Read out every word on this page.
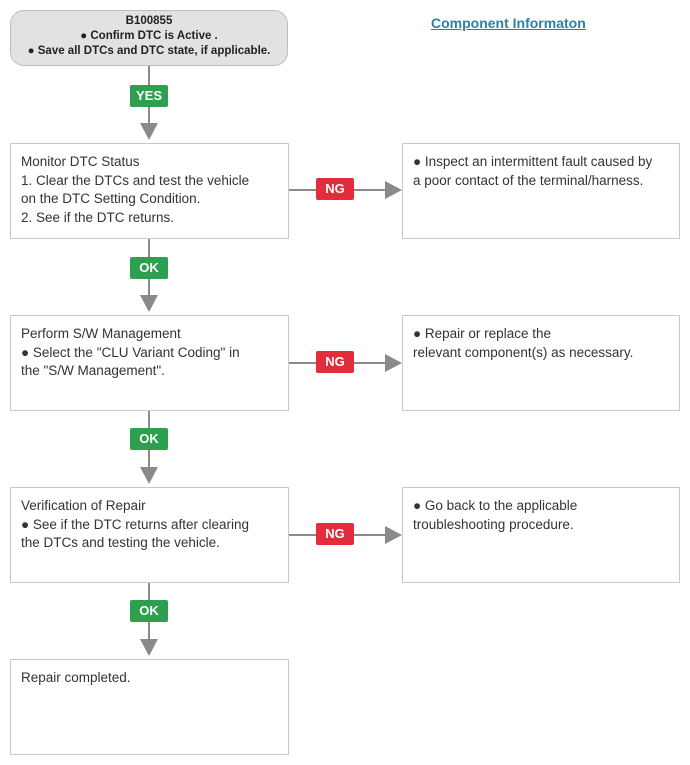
B100855
● Confirm DTC is Active .
● Save all DTCs and DTC state, if applicable.
Component Informaton
YES
Monitor DTC Status
1. Clear the DTCs and test the vehicle
on the DTC Setting Condition.
2. See if the DTC returns.
NG
● Inspect an intermittent fault caused by
a poor contact of the terminal/harness.
OK
Perform S/W Management
● Select the "CLU Variant Coding" in
the "S/W Management".
NG
● Repair or replace the
relevant component(s) as necessary.
OK
Verification of Repair
● See if the DTC returns after clearing
the DTCs and testing the vehicle.
NG
● Go back to the applicable
troubleshooting procedure.
OK
Repair completed.
